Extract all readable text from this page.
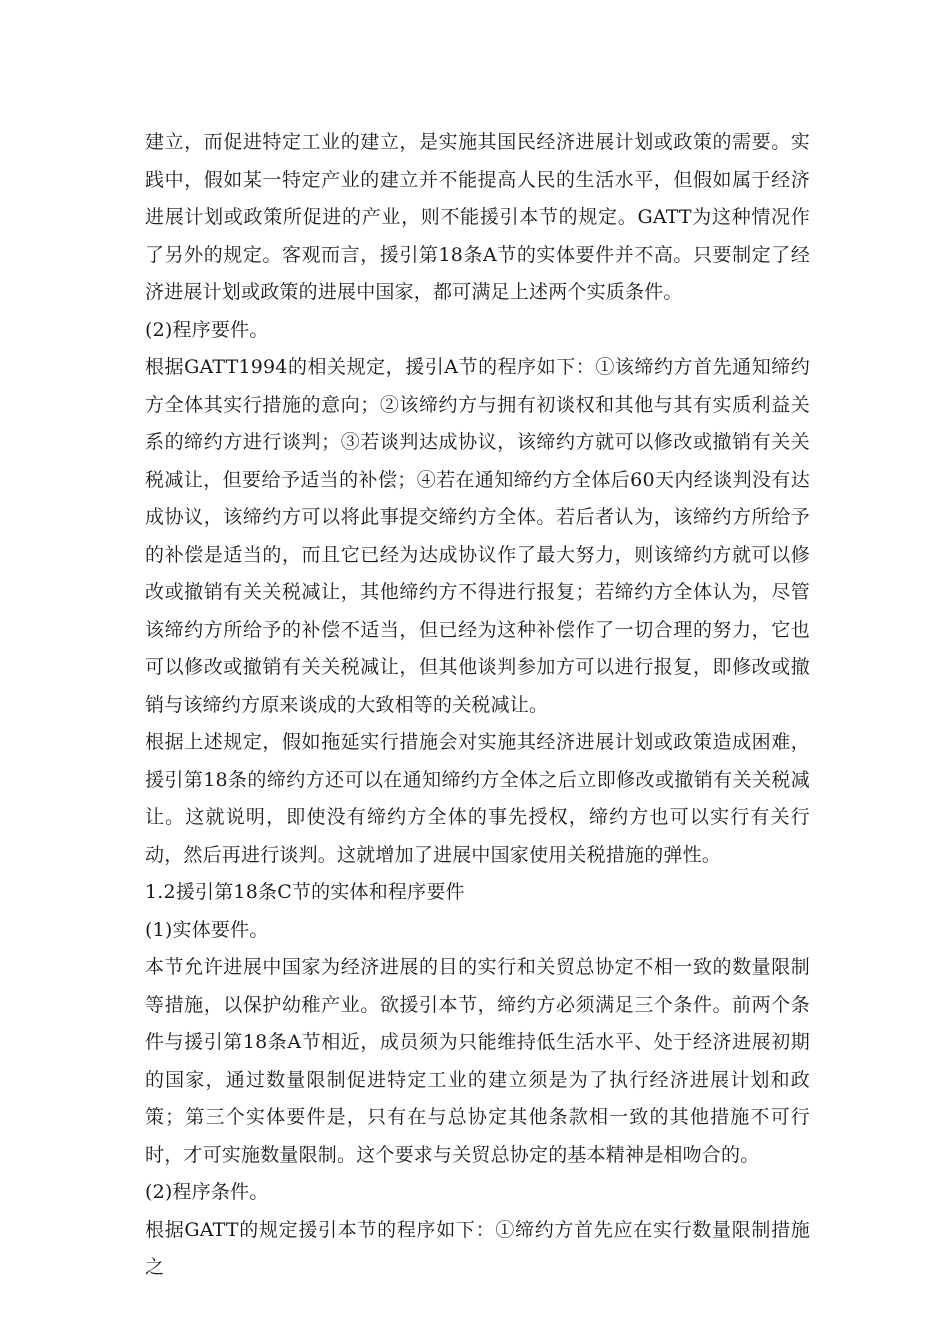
建立，而促进特定工业的建立，是实施其国民经济进展计划或政策的需要。实践中，假如某一特定产业的建立并不能提高人民的生活水平，但假如属于经济进展计划或政策所促进的产业，则不能援引本节的规定。GATT为这种情况作了另外的规定。客观而言，援引第18条A节的实体要件并不高。只要制定了经济进展计划或政策的进展中国家，都可满足上述两个实质条件。

(2)程序要件。

根据GATT1994的相关规定，援引A节的程序如下：①该缔约方首先通知缔约方全体其实行措施的意向；②该缔约方与拥有初谈权和其他与其有实质利益关系的缔约方进行谈判；③若谈判达成协议，该缔约方就可以修改或撤销有关关税减让，但要给予适当的补偿；④若在通知缔约方全体后60天内经谈判没有达成协议，该缔约方可以将此事提交缔约方全体。若后者认为，该缔约方所给予的补偿是适当的，而且它已经为达成协议作了最大努力，则该缔约方就可以修改或撤销有关关税减让，其他缔约方不得进行报复；若缔约方全体认为，尽管该缔约方所给予的补偿不适当，但已经为这种补偿作了一切合理的努力，它也可以修改或撤销有关关税减让，但其他谈判参加方可以进行报复，即修改或撤销与该缔约方原来谈成的大致相等的关税减让。

根据上述规定，假如拖延实行措施会对实施其经济进展计划或政策造成困难，援引第18条的缔约方还可以在通知缔约方全体之后立即修改或撤销有关关税减让。这就说明，即使没有缔约方全体的事先授权，缔约方也可以实行有关行动，然后再进行谈判。这就增加了进展中国家使用关税措施的弹性。

1.2援引第18条C节的实体和程序要件

(1)实体要件。

本节允许进展中国家为经济进展的目的实行和关贸总协定不相一致的数量限制等措施，以保护幼稚产业。欲援引本节，缔约方必须满足三个条件。前两个条件与援引第18条A节相近，成员须为只能维持低生活水平、处于经济进展初期的国家，通过数量限制促进特定工业的建立须是为了执行经济进展计划和政策；第三个实体要件是，只有在与总协定其他条款相一致的其他措施不可行时，才可实施数量限制。这个要求与关贸总协定的基本精神是相吻合的。

(2)程序条件。

根据GATT的规定援引本节的程序如下：①缔约方首先应在实行数量限制措施之
